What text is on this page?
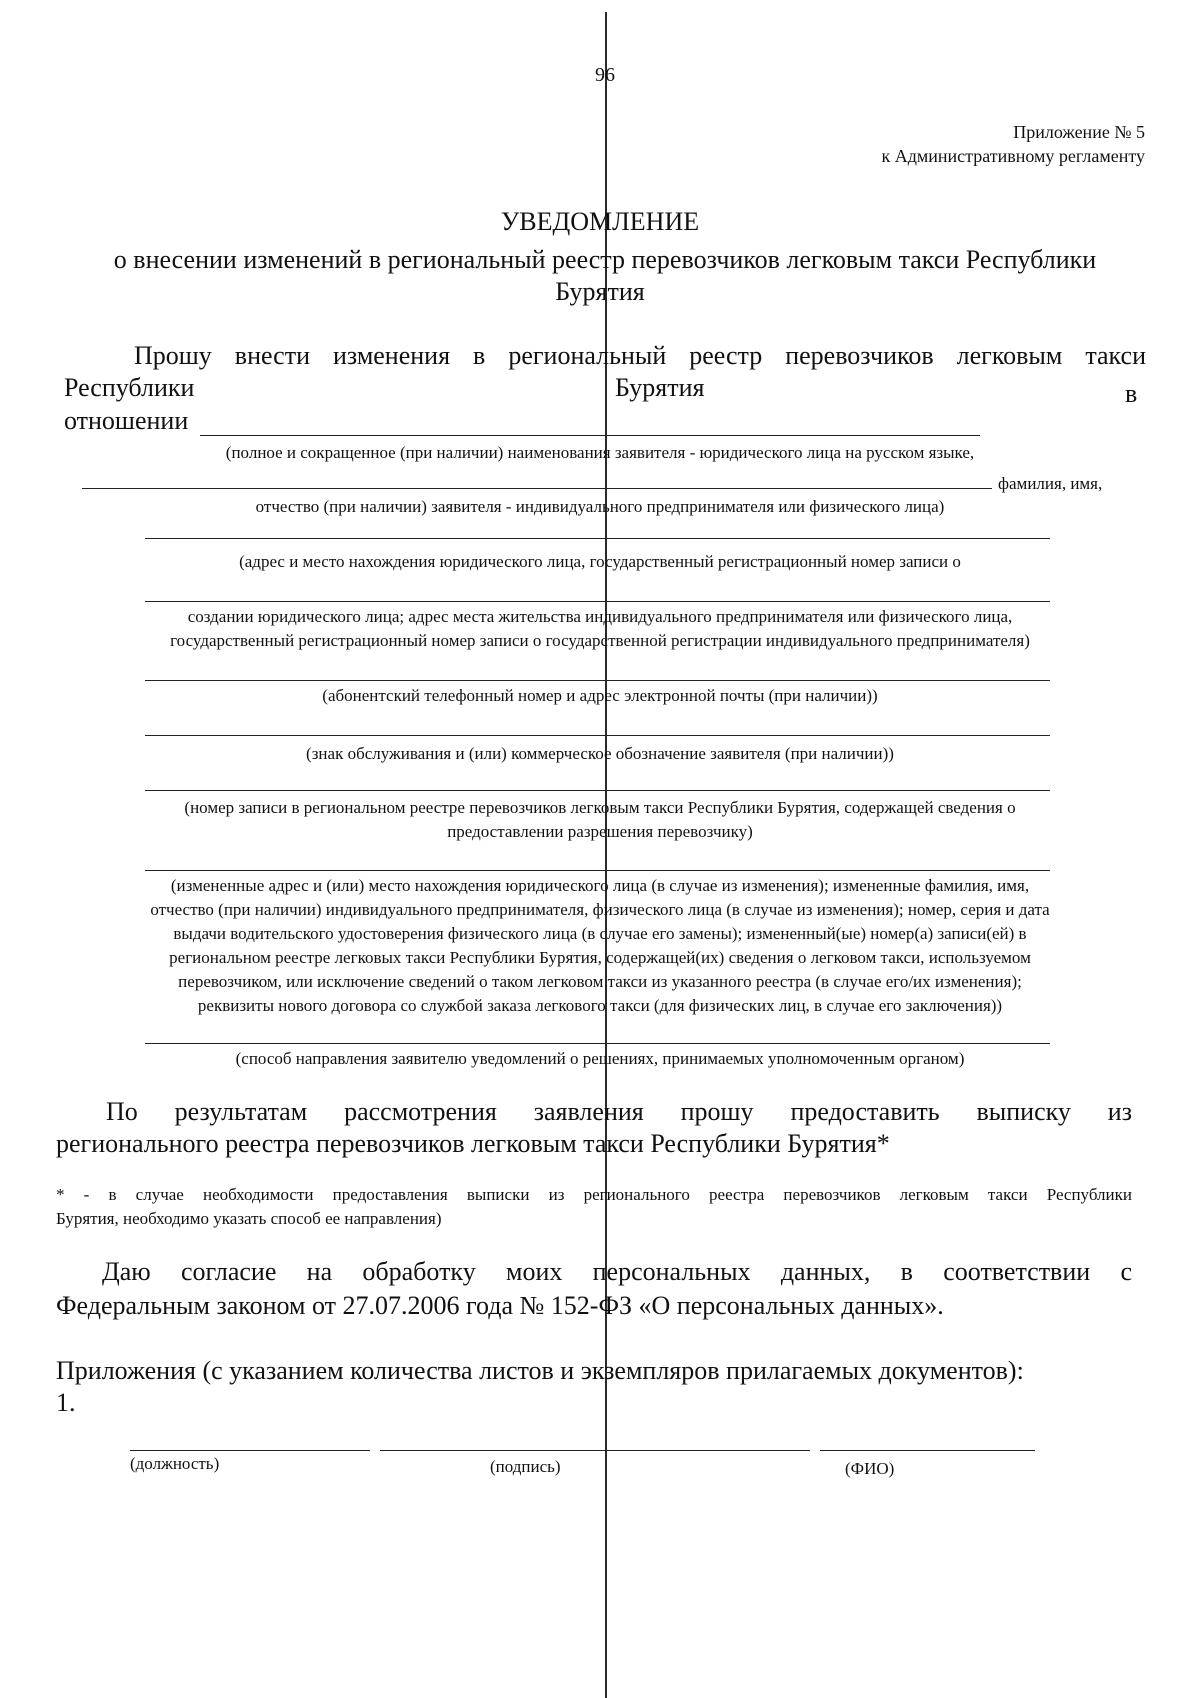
96
Приложение № 5
к Административному регламенту
УВЕДОМЛЕНИЕ
о внесении изменений в региональный реестр перевозчиков легковым такси Республики
Бурятия
Прошу внести изменения в региональный реестр перевозчиков легковым такси
Республики	Бурятия	в
отношении
(полное и сокращенное (при наличии) наименования заявителя - юридического лица на русском языке,
фамилия, имя,
отчество (при наличии) заявителя - индивидуального предпринимателя или физического лица)
(адрес и место нахождения юридического лица, государственный регистрационный номер записи о
создании юридического лица; адрес места жительства индивидуального предпринимателя или физического лица,
государственный регистрационный номер записи о государственной регистрации индивидуального предпринимателя)
(абонентский телефонный номер и адрес электронной почты (при наличии))
(знак обслуживания и (или) коммерческое обозначение заявителя (при наличии))
(номер записи в региональном реестре перевозчиков легковым такси Республики Бурятия, содержащей сведения о
предоставлении разрешения перевозчику)
(измененные адрес и (или) место нахождения юридического лица (в случае из изменения); измененные фамилия, имя,
отчество (при наличии) индивидуального предпринимателя, физического лица (в случае из изменения); номер, серия и дата
выдачи водительского удостоверения физического лица (в случае его замены); измененный(ые) номер(а) записи(ей) в
региональном реестре легковых такси Республики Бурятия, содержащей(их) сведения о легковом такси, используемом
перевозчиком, или исключение сведений о таком легковом такси из указанного реестра (в случае его/их изменения);
реквизиты нового договора со службой заказа легкового такси (для физических лиц, в случае его заключения))
(способ направления заявителю уведомлений о решениях, принимаемых уполномоченным органом)
По результатам рассмотрения заявления прошу предоставить выписку из
регионального реестра перевозчиков легковым такси Республики Бурятия*
* - в случае необходимости предоставления выписки из регионального реестра перевозчиков легковым такси Республики
Бурятия, необходимо указать способ ее направления)
Даю согласие на обработку моих персональных данных, в соответствии с
Федеральным законом от 27.07.2006 года № 152-ФЗ «О персональных данных».
Приложения (с указанием количества листов и экземпляров прилагаемых документов):
1.
(должность)	(подпись)	(ФИО)
